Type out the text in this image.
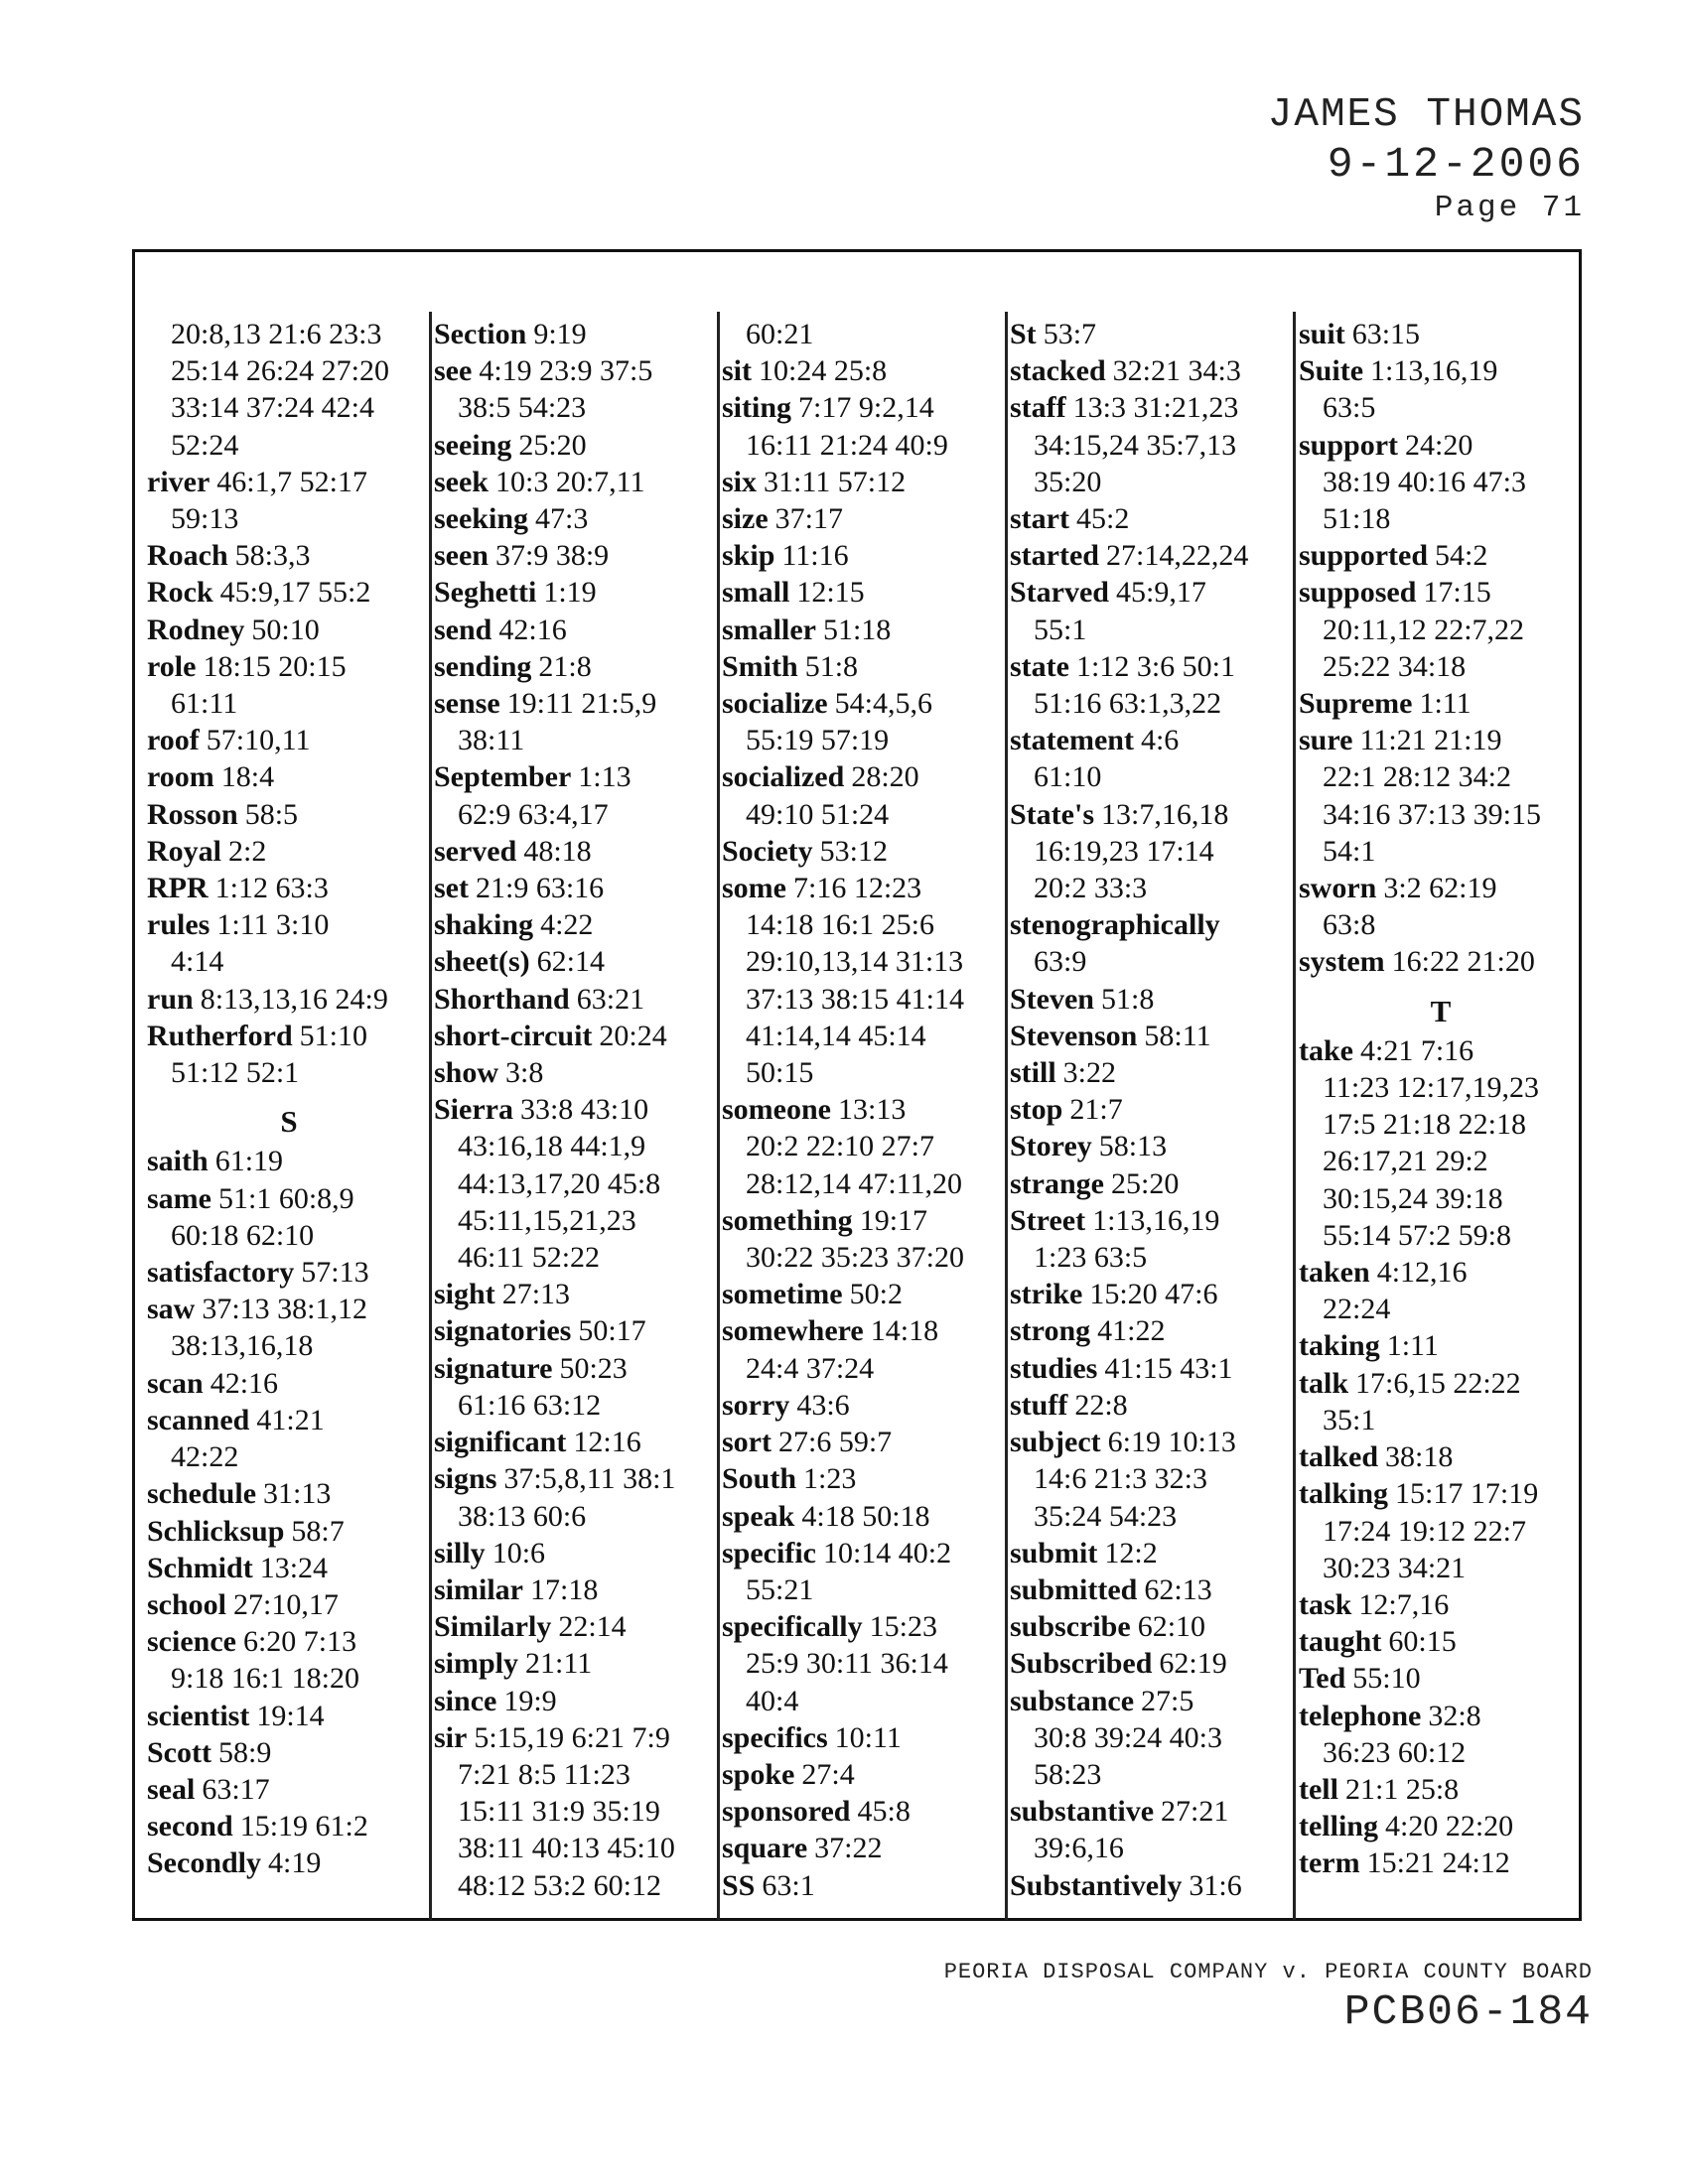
JAMES THOMAS
9-12-2006
Page 71
20:8,13 21:6 23:3
25:14 26:24 27:20
33:14 37:24 42:4
52:24
river 46:1,7 52:17
59:13
Roach 58:3,3
Rock 45:9,17 55:2
Rodney 50:10
role 18:15 20:15
61:11
roof 57:10,11
room 18:4
Rosson 58:5
Royal 2:2
RPR 1:12 63:3
rules 1:11 3:10
4:14
run 8:13,13,16 24:9
Rutherford 51:10
51:12 52:1
S
saith 61:19
same 51:1 60:8,9
60:18 62:10
satisfactory 57:13
saw 37:13 38:1,12
38:13,16,18
scan 42:16
scanned 41:21
42:22
schedule 31:13
Schlicksup 58:7
Schmidt 13:24
school 27:10,17
science 6:20 7:13
9:18 16:1 18:20
scientist 19:14
Scott 58:9
seal 63:17
second 15:19 61:2
Secondly 4:19
Section 9:19
see 4:19 23:9 37:5
38:5 54:23
seeing 25:20
seek 10:3 20:7,11
seeking 47:3
seen 37:9 38:9
Seghetti 1:19
send 42:16
sending 21:8
sense 19:11 21:5,9
38:11
September 1:13
62:9 63:4,17
served 48:18
set 21:9 63:16
shaking 4:22
sheet(s) 62:14
Shorthand 63:21
short-circuit 20:24
show 3:8
Sierra 33:8 43:10
43:16,18 44:1,9
44:13,17,20 45:8
45:11,15,21,23
46:11 52:22
sight 27:13
signatories 50:17
signature 50:23
61:16 63:12
significant 12:16
signs 37:5,8,11 38:1
38:13 60:6
silly 10:6
similar 17:18
Similarly 22:14
simply 21:11
since 19:9
sir 5:15,19 6:21 7:9
7:21 8:5 11:23
15:11 31:9 35:19
38:11 40:13 45:10
48:12 53:2 60:12
60:21
sit 10:24 25:8
siting 7:17 9:2,14
16:11 21:24 40:9
six 31:11 57:12
size 37:17
skip 11:16
small 12:15
smaller 51:18
Smith 51:8
socialize 54:4,5,6
55:19 57:19
socialized 28:20
49:10 51:24
Society 53:12
some 7:16 12:23
14:18 16:1 25:6
29:10,13,14 31:13
37:13 38:15 41:14
41:14,14 45:14
50:15
someone 13:13
20:2 22:10 27:7
28:12,14 47:11,20
something 19:17
30:22 35:23 37:20
sometime 50:2
somewhere 14:18
24:4 37:24
sorry 43:6
sort 27:6 59:7
South 1:23
speak 4:18 50:18
specific 10:14 40:2
55:21
specifically 15:23
25:9 30:11 36:14
40:4
specifics 10:11
spoke 27:4
sponsored 45:8
square 37:22
SS 63:1
St 53:7
stacked 32:21 34:3
staff 13:3 31:21,23
34:15,24 35:7,13
35:20
start 45:2
started 27:14,22,24
Starved 45:9,17
55:1
state 1:12 3:6 50:1
51:16 63:1,3,22
statement 4:6
61:10
State's 13:7,16,18
16:19,23 17:14
20:2 33:3
stenographically
63:9
Steven 51:8
Stevenson 58:11
still 3:22
stop 21:7
Storey 58:13
strange 25:20
Street 1:13,16,19
1:23 63:5
strike 15:20 47:6
strong 41:22
studies 41:15 43:1
stuff 22:8
subject 6:19 10:13
14:6 21:3 32:3
35:24 54:23
submit 12:2
submitted 62:13
subscribe 62:10
Subscribed 62:19
substance 27:5
30:8 39:24 40:3
58:23
substantive 27:21
39:6,16
Substantively 31:6
suit 63:15
Suite 1:13,16,19
63:5
support 24:20
38:19 40:16 47:3
51:18
supported 54:2
supposed 17:15
20:11,12 22:7,22
25:22 34:18
Supreme 1:11
sure 11:21 21:19
22:1 28:12 34:2
34:16 37:13 39:15
54:1
sworn 3:2 62:19
63:8
system 16:22 21:20
T
take 4:21 7:16
11:23 12:17,19,23
17:5 21:18 22:18
26:17,21 29:2
30:15,24 39:18
55:14 57:2 59:8
taken 4:12,16
22:24
taking 1:11
talk 17:6,15 22:22
35:1
talked 38:18
talking 15:17 17:19
17:24 19:12 22:7
30:23 34:21
task 12:7,16
taught 60:15
Ted 55:10
telephone 32:8
36:23 60:12
tell 21:1 25:8
telling 4:20 22:20
term 15:21 24:12
PEORIA DISPOSAL COMPANY v. PEORIA COUNTY BOARD
PCB06-184
